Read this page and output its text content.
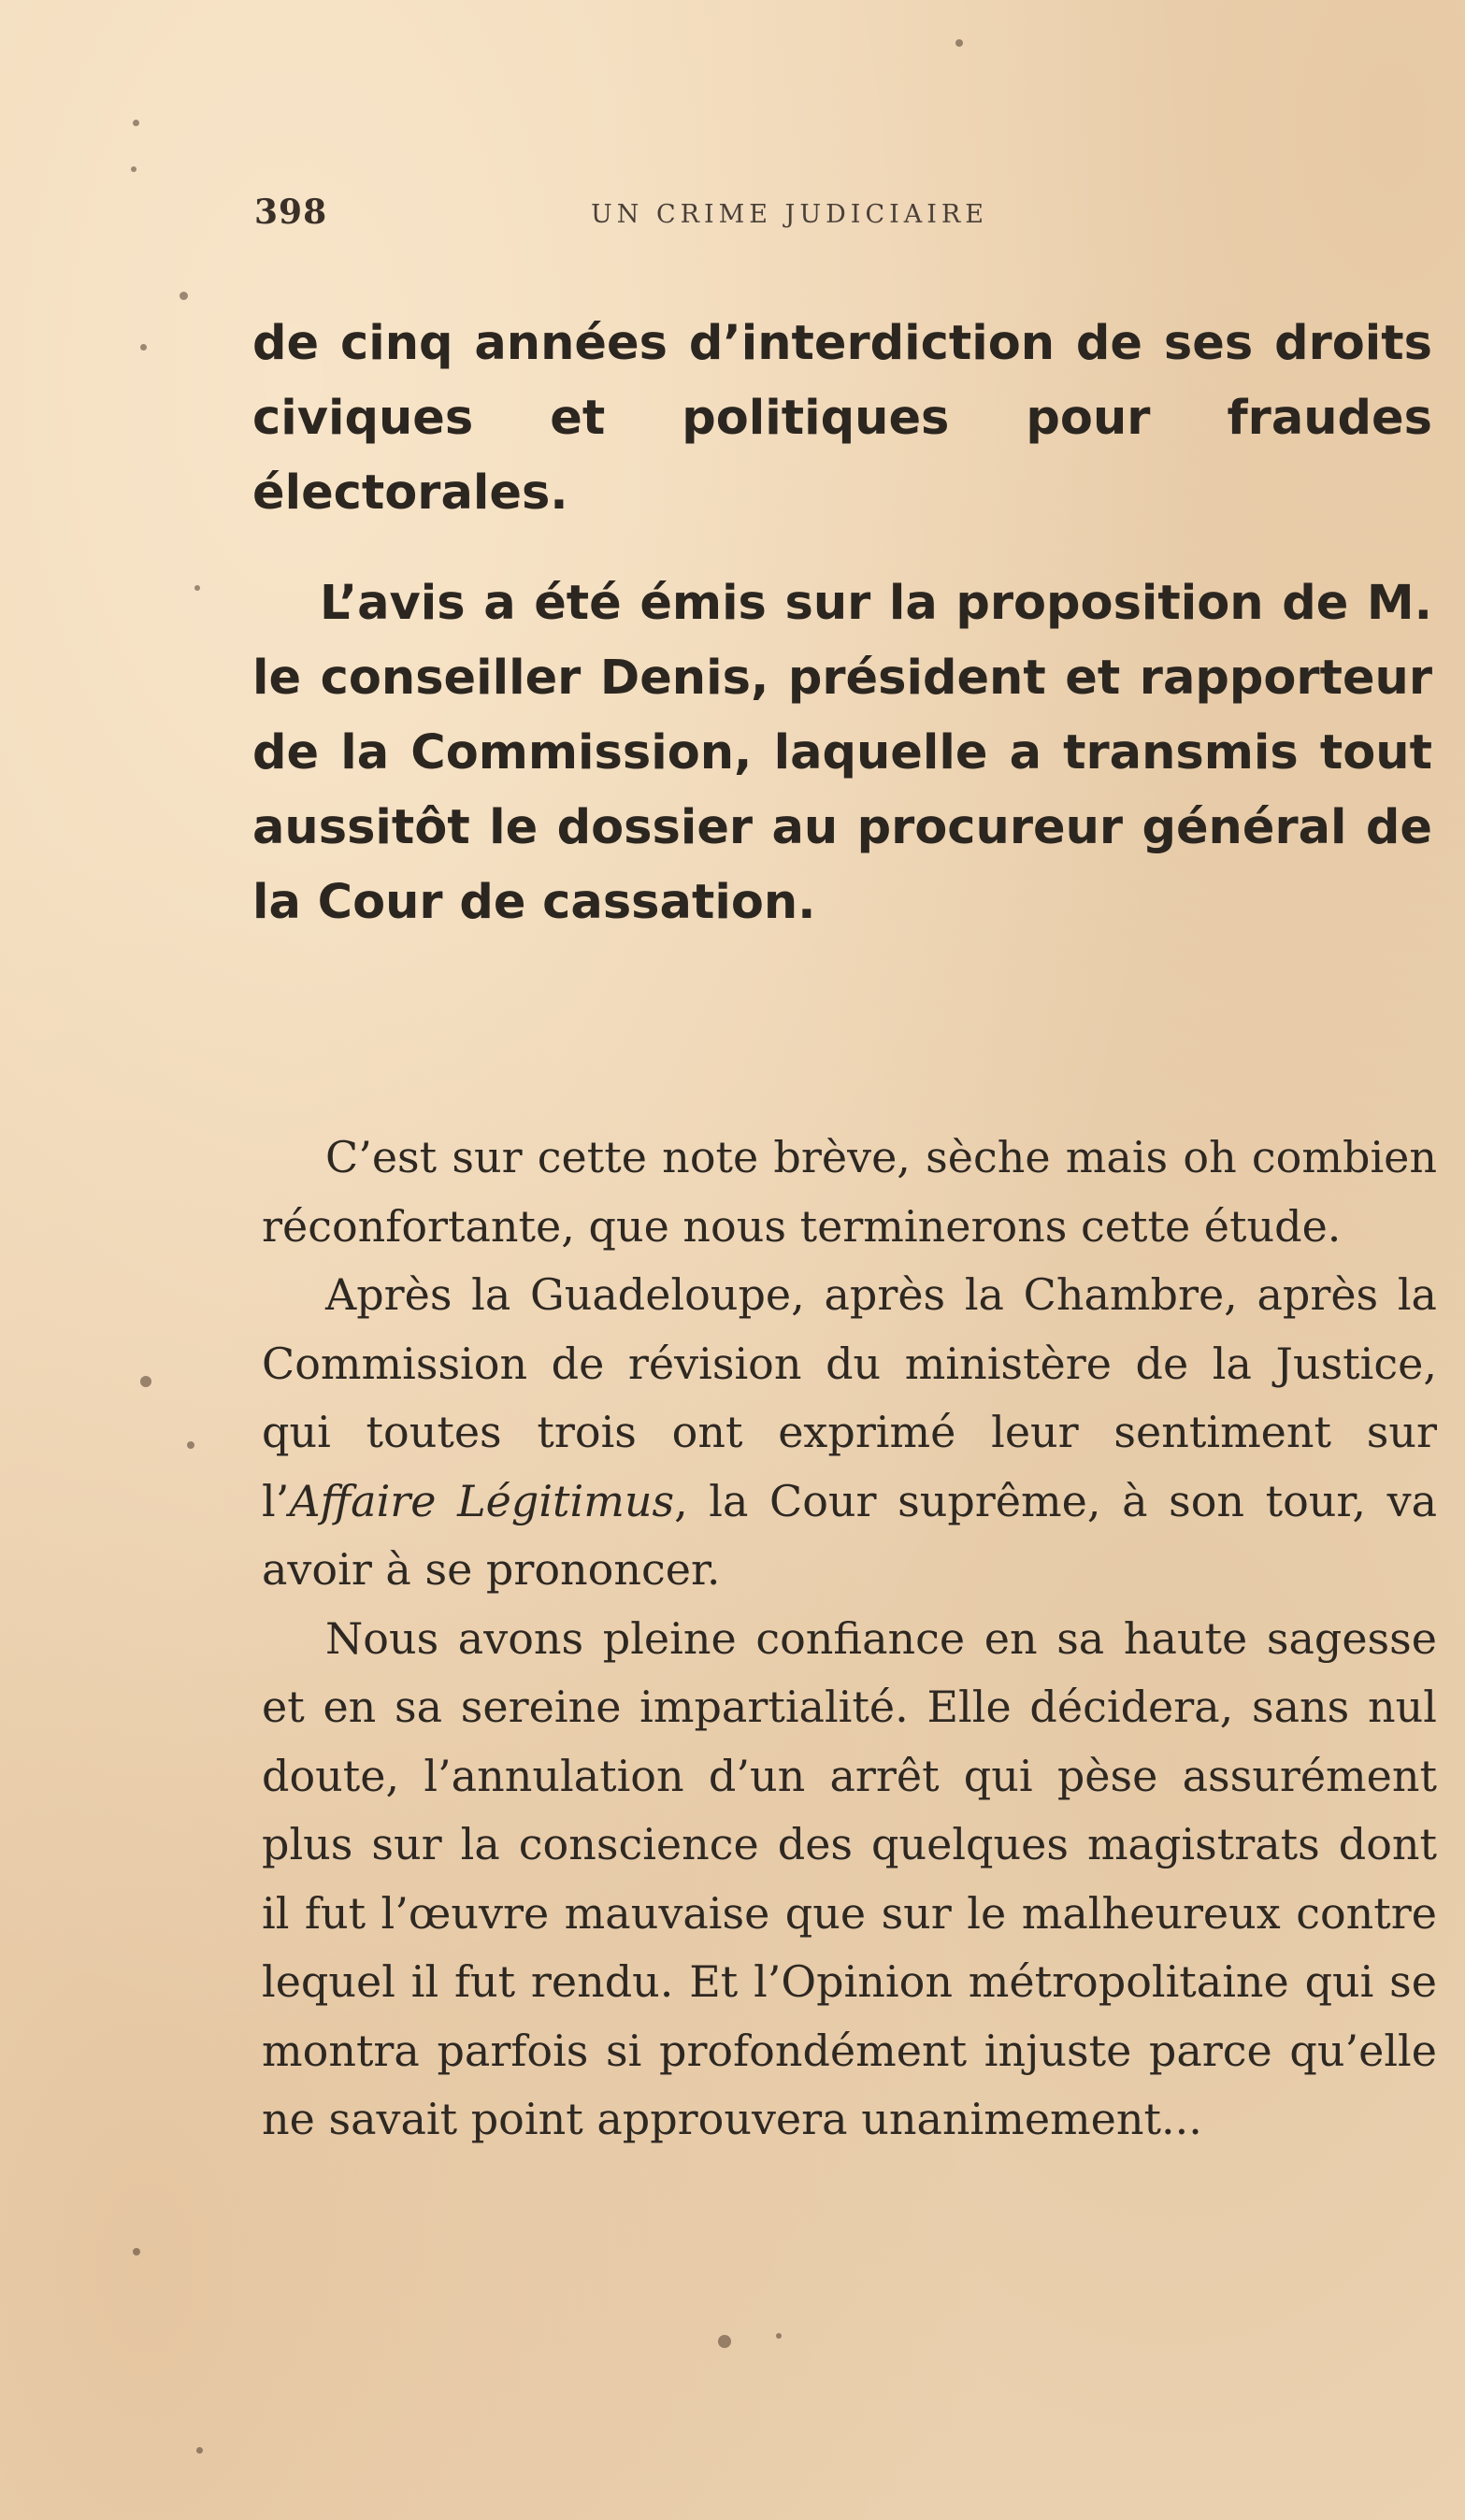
398	UN CRIME JUDICIAIRE

de cinq années d’interdiction de ses droits civiques et politiques pour fraudes électorales.

L’avis a été émis sur la proposition de M. le conseiller Denis, président et rapporteur de la Commission, laquelle a transmis tout aussitôt le dossier au procureur général de la Cour de cassation.

C’est sur cette note brève, sèche mais oh combien réconfortante, que nous terminerons cette étude.

Après la Guadeloupe, après la Chambre, après la Commission de révision du ministère de la Justice, qui toutes trois ont exprimé leur sentiment sur l’Affaire Légitimus, la Cour suprême, à son tour, va avoir à se prononcer.

Nous avons pleine confiance en sa haute sagesse et en sa sereine impartialité. Elle décidera, sans nul doute, l’annulation d’un arrêt qui pèse assurément plus sur la conscience des quelques magistrats dont il fut l’œuvre mauvaise que sur le malheureux contre lequel il fut rendu. Et l’Opinion métropolitaine qui se montra parfois si profondément injuste parce qu’elle ne savait point approuvera unanimement...
